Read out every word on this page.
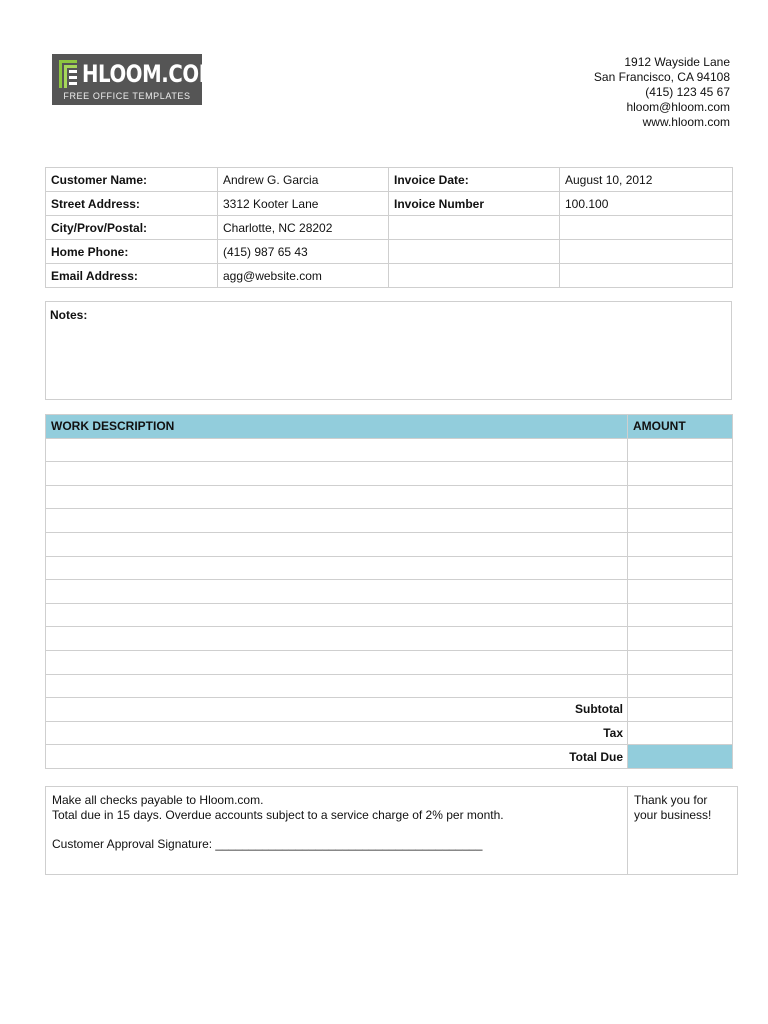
HLOOM.COM
FREE OFFICE TEMPLATES
1912 Wayside Lane
San Francisco, CA 94108
(415) 123 45 67
hloom@hloom.com
www.hloom.com
Customer Name:	Andrew G. Garcia	Invoice Date:	August 10, 2012
Street Address:	3312 Kooter Lane	Invoice Number	100.100
City/Prov/Postal:	Charlotte, NC 28202		
Home Phone:	(415) 987 65 43		
Email Address:	agg@website.com		
Notes:
WORK DESCRIPTION	AMOUNT

Subtotal	
Tax	
Total Due	
Make all checks payable to Hloom.com.
Total due in 15 days. Overdue accounts subject to a service charge of 2% per month.
Customer Approval Signature: ________________________________________

Thank you for your business!
